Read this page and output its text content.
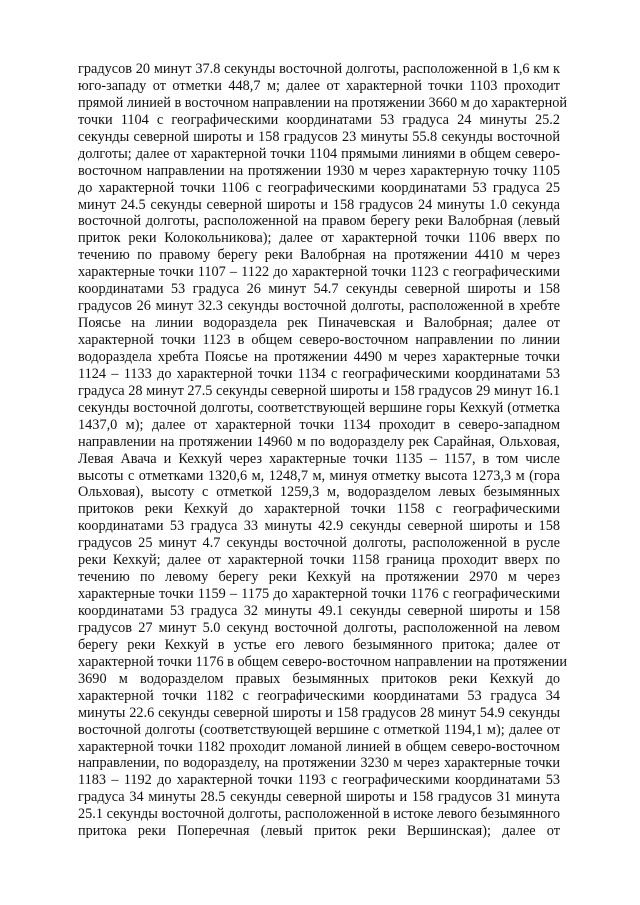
градусов 20 минут 37.8 секунды восточной долготы, расположенной в 1,6 км к
юго-западу от отметки 448,7 м; далее от характерной точки 1103 проходит
прямой линией в восточном направлении на протяжении 3660 м до характерной
точки 1104 с географическими координатами 53 градуса 24 минуты 25.2
секунды северной широты и 158 градусов 23 минуты 55.8 секунды восточной
долготы; далее от характерной точки 1104 прямыми линиями в общем северо-
восточном направлении на протяжении 1930 м через характерную точку 1105
до характерной точки 1106 с географическими координатами 53 градуса 25
минут 24.5 секунды северной широты и 158 градусов 24 минуты 1.0 секунда
восточной долготы, расположенной на правом берегу реки Валобрная (левый
приток реки Колокольникова); далее от характерной точки 1106 вверх по
течению по правому берегу реки Валобрная на протяжении 4410 м через
характерные точки 1107 – 1122 до характерной точки 1123 с географическими
координатами 53 градуса 26 минут 54.7 секунды северной широты и 158
градусов 26 минут 32.3 секунды восточной долготы, расположенной в хребте
Поясье на линии водораздела рек Пиначевская и Валобрная; далее от
характерной точки 1123 в общем северо-восточном направлении по линии
водораздела хребта Поясье на протяжении 4490 м через характерные точки
1124 – 1133 до характерной точки 1134 с географическими координатами 53
градуса 28 минут 27.5 секунды северной широты и 158 градусов 29 минут 16.1
секунды восточной долготы, соответствующей вершине горы Кехкуй (отметка
1437,0 м); далее от характерной точки 1134 проходит в северо-западном
направлении на протяжении 14960 м по водоразделу рек Сарайная, Ольховая,
Левая Авача и Кехкуй через характерные точки 1135 – 1157, в том числе
высоты с отметками 1320,6 м, 1248,7 м, минуя отметку высота 1273,3 м (гора
Ольховая), высоту с отметкой 1259,3 м, водоразделом левых безымянных
притоков реки Кехкуй до характерной точки 1158 с географическими
координатами 53 градуса 33 минуты 42.9 секунды северной широты и 158
градусов 25 минут 4.7 секунды восточной долготы, расположенной в русле
реки Кехкуй; далее от характерной точки 1158 граница проходит вверх по
течению по левому берегу реки Кехкуй на протяжении 2970 м через
характерные точки 1159 – 1175 до характерной точки 1176 с географическими
координатами 53 градуса 32 минуты 49.1 секунды северной широты и 158
градусов 27 минут 5.0 секунд восточной долготы, расположенной на левом
берегу реки Кехкуй в устье его левого безымянного притока; далее от
характерной точки 1176 в общем северо-восточном направлении на протяжении
3690 м водоразделом правых безымянных притоков реки Кехкуй до
характерной точки 1182 с географическими координатами 53 градуса 34
минуты 22.6 секунды северной широты и 158 градусов 28 минут 54.9 секунды
восточной долготы (соответствующей вершине с отметкой 1194,1 м); далее от
характерной точки 1182 проходит ломаной линией в общем северо-восточном
направлении, по водоразделу, на протяжении 3230 м через характерные точки
1183 – 1192 до характерной точки 1193 с географическими координатами 53
градуса 34 минуты 28.5 секунды северной широты и 158 градусов 31 минута
25.1 секунды восточной долготы, расположенной в истоке левого безымянного
притока реки Поперечная (левый приток реки Вершинская); далее от
